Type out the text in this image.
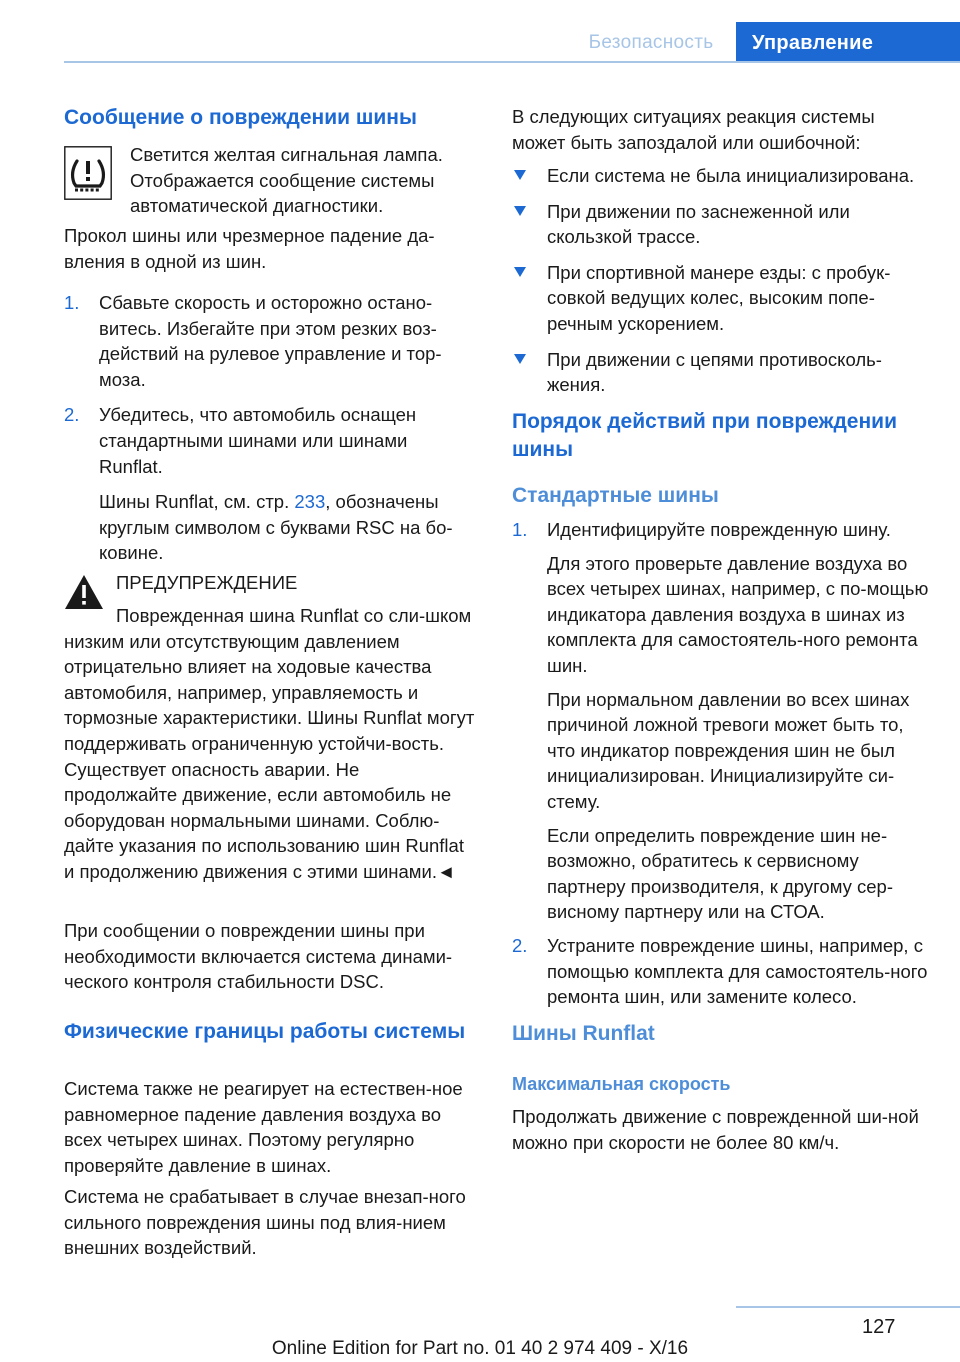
Безопасность	Управление
Сообщение о повреждении шины

Светится желтая сигнальная лампа. Отображается сообщение системы автоматической диагностики.

Прокол шины или чрезмерное падение да-вления в одной из шин.

1. Сбавьте скорость и осторожно остано-витесь. Избегайте при этом резких воз-действий на рулевое управление и тор-моза.

2. Убедитесь, что автомобиль оснащен стандартными шинами или шинами Runflat.

Шины Runflat, см. стр. 233, обозначены круглым символом с буквами RSC на бо-ковине.

ПРЕДУПРЕЖДЕНИЕ

Поврежденная шина Runflat со сли-шком низким или отсутствующим давлением отрицательно влияет на ходовые качества автомобиля, например, управляемость и тормозные характеристики. Шины Runflat могут поддерживать ограниченную устойчи-вость. Существует опасность аварии. Не продолжайте движение, если автомобиль не оборудован нормальными шинами. Соблю-дайте указания по использованию шин Runflat и продолжению движения с этими шинами.◄

При сообщении о повреждении шины при необходимости включается система динами-ческого контроля стабильности DSC.

Физические границы работы системы

Система также не реагирует на естествен-ное равномерное падение давления воздуха во всех четырех шинах. Поэтому регулярно проверяйте давление в шинах.

Система не срабатывает в случае внезап-ного сильного повреждения шины под влия-нием внешних воздействий.

В следующих ситуациях реакция системы может быть запоздалой или ошибочной:

Если система не была инициализирована.

При движении по заснеженной или скользкой трассе.

При спортивной манере езды: с пробук-совкой ведущих колес, высоким попе-речным ускорением.

При движении с цепями противосколь-жения.

Порядок действий при повреждении шины
Стандартные шины
1. Идентифицируйте поврежденную шину.

Для этого проверьте давление воздуха во всех четырех шинах, например, с по-мощью индикатора давления воздуха в шинах из комплекта для самостоятель-ного ремонта шин.

При нормальном давлении во всех шинах причиной ложной тревоги может быть то, что индикатор повреждения шин не был инициализирован. Инициализируйте си-стему.

Если определить повреждение шин не-возможно, обратитесь к сервисному партнеру производителя, к другому сер-висному партнеру или на СТОА.

2. Устраните повреждение шины, например, с помощью комплекта для самостоятель-ного ремонта шин, или замените колесо.

Шины Runflat
Максимальная скорость

Продолжать движение с поврежденной ши-ной можно при скорости не более 80 км/ч.

127
Online Edition for Part no. 01 40 2 974 409 - X/16
